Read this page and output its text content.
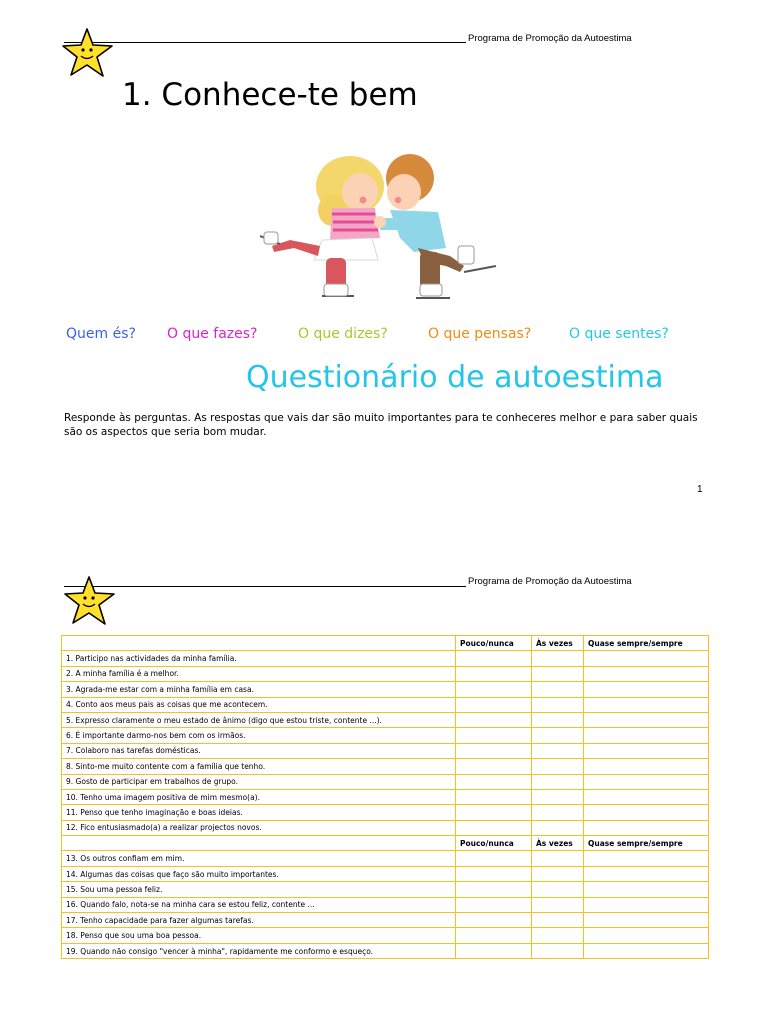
Programa de Promoção da Autoestima
1. Conhece-te bem
Quem és? O que fazes?	O que dizes?	O que pensas?	O que sentes?
Questionário de autoestima
Responde às perguntas. As respostas que vais dar são muito importantes para te conheceres melhor e para saber quais são os aspectos que seria bom mudar.
1
Programa de Promoção da Autoestima
	Pouco/nunca	Às vezes	Quase sempre/sempre
1. Participo nas actividades da minha família.			
2. A minha família é a melhor.			
3. Agrada-me estar com a minha família em casa.			
4. Conto aos meus pais as coisas que me acontecem.			
5. Expresso claramente o meu estado de ânimo (digo que estou triste, contente ...).			
6. É importante darmo-nos bem com os irmãos.			
7. Colaboro nas tarefas domésticas.			
8. Sinto-me muito contente com a família que tenho.			
9. Gosto de participar em trabalhos de grupo.			
10. Tenho uma imagem positiva de mim mesmo(a).			
11. Penso que tenho imaginação e boas ideias.			
12. Fico entusiasmado(a) a realizar projectos novos.			
	Pouco/nunca	Às vezes	Quase sempre/sempre
13. Os outros confiam em mim.			
14. Algumas das coisas que faço são muito importantes.			
15. Sou uma pessoa feliz.			
16. Quando falo, nota-se na minha cara se estou feliz, contente ...			
17. Tenho capacidade para fazer algumas tarefas.			
18. Penso que sou uma boa pessoa.			
19. Quando não consigo "vencer à minha", rapidamente me conformo e esqueço.			
